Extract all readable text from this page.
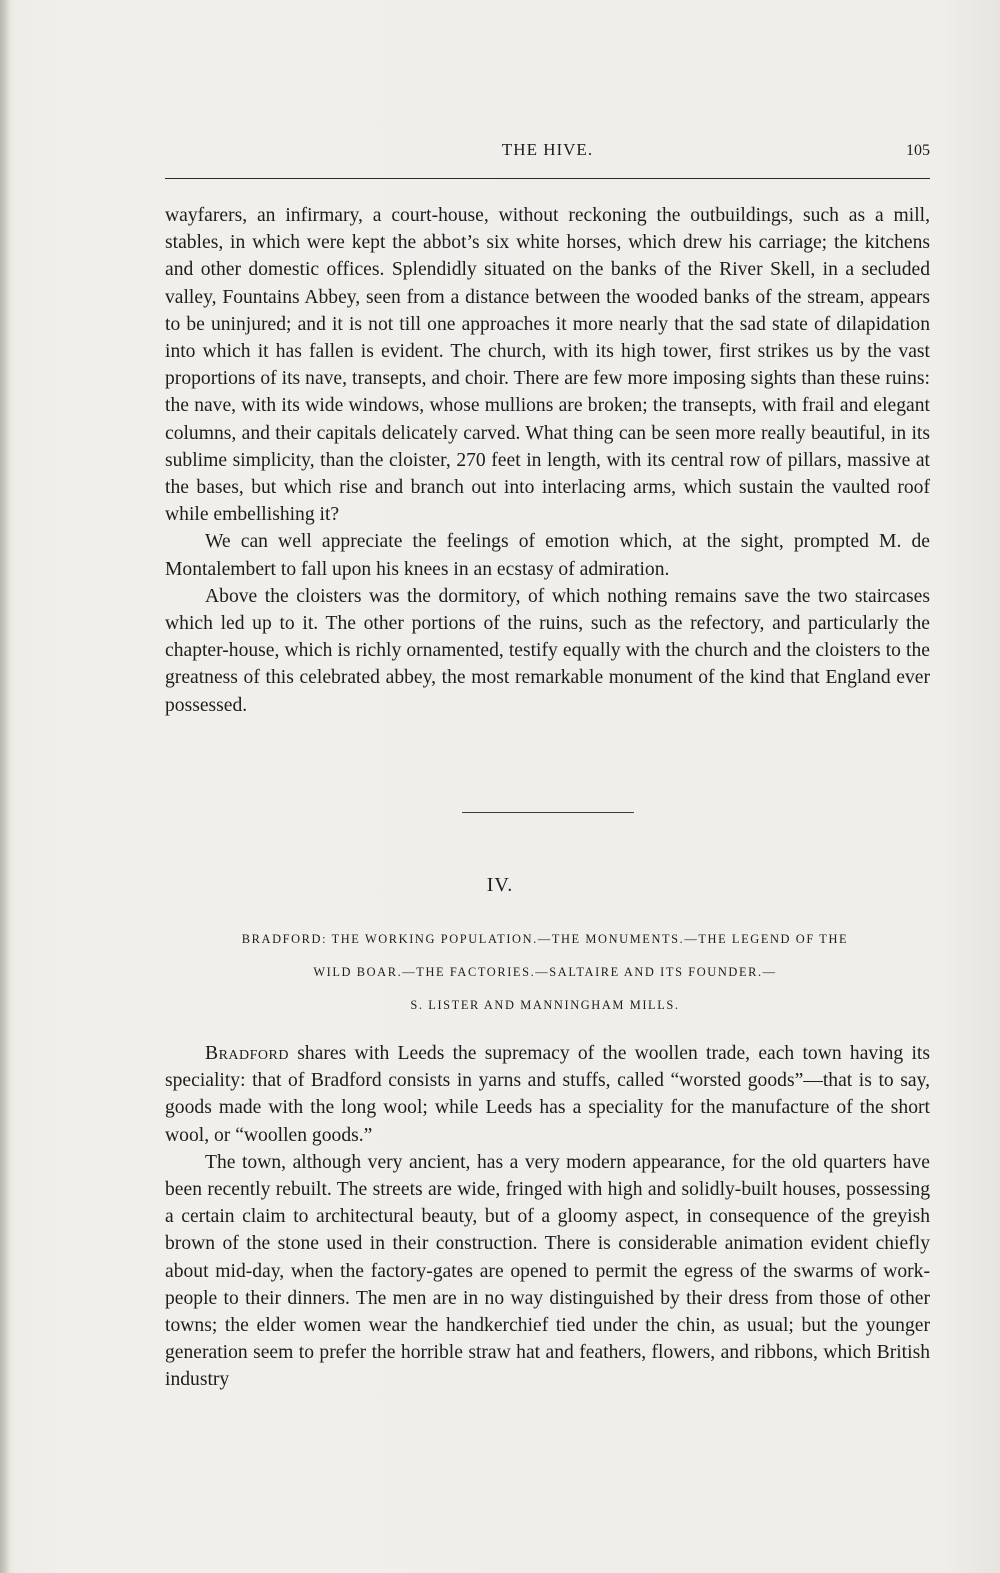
THE HIVE.	105

wayfarers, an infirmary, a court-house, without reckoning the outbuildings, such as a mill, stables, in which were kept the abbot’s six white horses, which drew his carriage; the kitchens and other domestic offices. Splendidly situated on the banks of the River Skell, in a secluded valley, Fountains Abbey, seen from a distance between the wooded banks of the stream, appears to be uninjured; and it is not till one approaches it more nearly that the sad state of dilapidation into which it has fallen is evident. The church, with its high tower, first strikes us by the vast proportions of its nave, transepts, and choir. There are few more imposing sights than these ruins: the nave, with its wide windows, whose mullions are broken; the transepts, with frail and elegant columns, and their capitals delicately carved. What thing can be seen more really beautiful, in its sublime simplicity, than the cloister, 270 feet in length, with its central row of pillars, massive at the bases, but which rise and branch out into interlacing arms, which sustain the vaulted roof while embellishing it?

We can well appreciate the feelings of emotion which, at the sight, prompted M. de Montalembert to fall upon his knees in an ecstasy of admiration.

Above the cloisters was the dormitory, of which nothing remains save the two staircases which led up to it. The other portions of the ruins, such as the refectory, and particularly the chapter-house, which is richly ornamented, testify equally with the church and the cloisters to the greatness of this celebrated abbey, the most remarkable monument of the kind that England ever possessed.

IV.
BRADFORD: THE WORKING POPULATION.—THE MONUMENTS.—THE LEGEND OF THE
WILD BOAR.—THE FACTORIES.—SALTAIRE AND ITS FOUNDER.—
S. LISTER AND MANNINGHAM MILLS.

Bradford shares with Leeds the supremacy of the woollen trade, each town having its speciality: that of Bradford consists in yarns and stuffs, called “worsted goods”—that is to say, goods made with the long wool; while Leeds has a speciality for the manufacture of the short wool, or “woollen goods.”

The town, although very ancient, has a very modern appearance, for the old quarters have been recently rebuilt. The streets are wide, fringed with high and solidly-built houses, possessing a certain claim to architectural beauty, but of a gloomy aspect, in consequence of the greyish brown of the stone used in their construction. There is considerable animation evident chiefly about mid-day, when the factory-gates are opened to permit the egress of the swarms of work-people to their dinners. The men are in no way distinguished by their dress from those of other towns; the elder women wear the handkerchief tied under the chin, as usual; but the younger generation seem to prefer the horrible straw hat and feathers, flowers, and ribbons, which British industry
